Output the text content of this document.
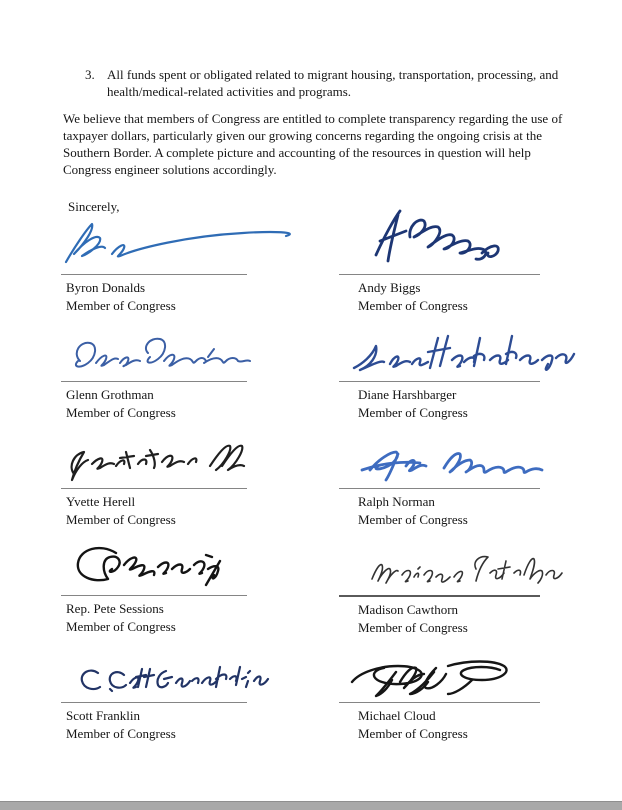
3. All funds spent or obligated related to migrant housing, transportation, processing, and health/medical-related activities and programs.

We believe that members of Congress are entitled to complete transparency regarding the use of taxpayer dollars, particularly given our growing concerns regarding the ongoing crisis at the Southern Border. A complete picture and accounting of the resources in question will help Congress engineer solutions accordingly.

Sincerely,

Byron Donalds
Member of Congress
Andy Biggs
Member of Congress
Glenn Grothman
Member of Congress
Diane Harshbarger
Member of Congress
Yvette Herell
Member of Congress
Ralph Norman
Member of Congress
Rep. Pete Sessions
Member of Congress
Madison Cawthorn
Member of Congress
Scott Franklin
Member of Congress
Michael Cloud
Member of Congress
